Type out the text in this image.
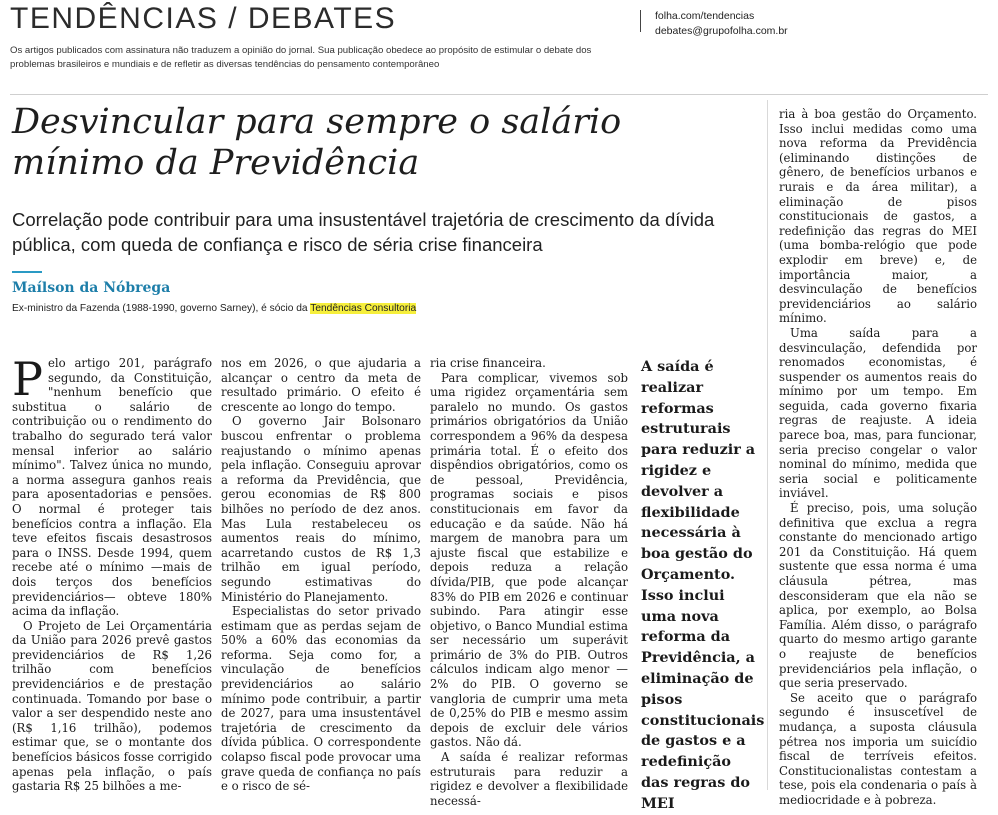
TENDÊNCIAS / DEBATES
Os artigos publicados com assinatura não traduzem a opinião do jornal. Sua publicação obedece ao propósito de estimular o debate dos problemas brasileiros e mundiais e de refletir as diversas tendências do pensamento contemporâneo
folha.com/tendencias
debates@grupofolha.com.br
Desvincular para sempre o salário mínimo da Previdência
Correlação pode contribuir para uma insustentável trajetória de crescimento da dívida pública, com queda de confiança e risco de séria crise financeira
Maílson da Nóbrega
Ex-ministro da Fazenda (1988-1990, governo Sarney), é sócio da Tendências Consultoria

Pelo artigo 201, parágrafo segundo, da Constituição, "nenhum benefício que substitua o salário de contribuição ou o rendimento do trabalho do segurado terá valor mensal inferior ao salário mínimo". Talvez única no mundo, a norma assegura ganhos reais para aposentadorias e pensões. O normal é proteger tais benefícios contra a inflação. Ela teve efeitos fiscais desastrosos para o INSS. Desde 1994, quem recebe até o mínimo —mais de dois terços dos benefícios previdenciários— obteve 180% acima da inflação.

O Projeto de Lei Orçamentária da União para 2026 prevê gastos previdenciários de R$ 1,26 trilhão com benefícios previdenciários e de prestação continuada. Tomando por base o valor a ser despendido neste ano (R$ 1,16 trilhão), podemos estimar que, se o montante dos benefícios básicos fosse corrigido apenas pela inflação, o país gastaria R$ 25 bilhões a me-

nos em 2026, o que ajudaria a alcançar o centro da meta de resultado primário. O efeito é crescente ao longo do tempo.

O governo Jair Bolsonaro buscou enfrentar o problema reajustando o mínimo apenas pela inflação. Conseguiu aprovar a reforma da Previdência, que gerou economias de R$ 800 bilhões no período de dez anos. Mas Lula restabeleceu os aumentos reais do mínimo, acarretando custos de R$ 1,3 trilhão em igual período, segundo estimativas do Ministério do Planejamento.

Especialistas do setor privado estimam que as perdas sejam de 50% a 60% das economias da reforma. Seja como for, a vinculação de benefícios previdenciários ao salário mínimo pode contribuir, a partir de 2027, para uma insustentável trajetória de crescimento da dívida pública. O correspondente colapso fiscal pode provocar uma grave queda de confiança no país e o risco de sé-

ria crise financeira.

Para complicar, vivemos sob uma rigidez orçamentária sem paralelo no mundo. Os gastos primários obrigatórios da União correspondem a 96% da despesa primária total. É o efeito dos dispêndios obrigatórios, como os de pessoal, Previdência, programas sociais e pisos constitucionais em favor da educação e da saúde. Não há margem de manobra para um ajuste fiscal que estabilize e depois reduza a relação dívida/PIB, que pode alcançar 83% do PIB em 2026 e continuar subindo. Para atingir esse objetivo, o Banco Mundial estima ser necessário um superávit primário de 3% do PIB. Outros cálculos indicam algo menor —2% do PIB. O governo se vangloria de cumprir uma meta de 0,25% do PIB e mesmo assim depois de excluir dele vários gastos. Não dá.

A saída é realizar reformas estruturais para reduzir a rigidez e devolver a flexibilidade necessá-

A saída é realizar reformas estruturais para reduzir a rigidez e devolver a flexibilidade necessária à boa gestão do Orçamento. Isso inclui uma nova reforma da Previdência, a eliminação de pisos constitucionais de gastos e a redefinição das regras do MEI

ria à boa gestão do Orçamento. Isso inclui medidas como uma nova reforma da Previdência (eliminando distinções de gênero, de benefícios urbanos e rurais e da área militar), a eliminação de pisos constitucionais de gastos, a redefinição das regras do MEI (uma bomba-relógio que pode explodir em breve) e, de importância maior, a desvinculação de benefícios previdenciários ao salário mínimo.

Uma saída para a desvinculação, defendida por renomados economistas, é suspender os aumentos reais do mínimo por um tempo. Em seguida, cada governo fixaria regras de reajuste. A ideia parece boa, mas, para funcionar, seria preciso congelar o valor nominal do mínimo, medida que seria social e politicamente inviável.

É preciso, pois, uma solução definitiva que exclua a regra constante do mencionado artigo 201 da Constituição. Há quem sustente que essa norma é uma cláusula pétrea, mas desconsideram que ela não se aplica, por exemplo, ao Bolsa Família. Além disso, o parágrafo quarto do mesmo artigo garante o reajuste de benefícios previdenciários pela inflação, o que seria preservado.

Se aceito que o parágrafo segundo é insuscetível de mudança, a suposta cláusula pétrea nos imporia um suicídio fiscal de terríveis efeitos. Constitucionalistas contestam a tese, pois ela condenaria o país à mediocridade e à pobreza.
